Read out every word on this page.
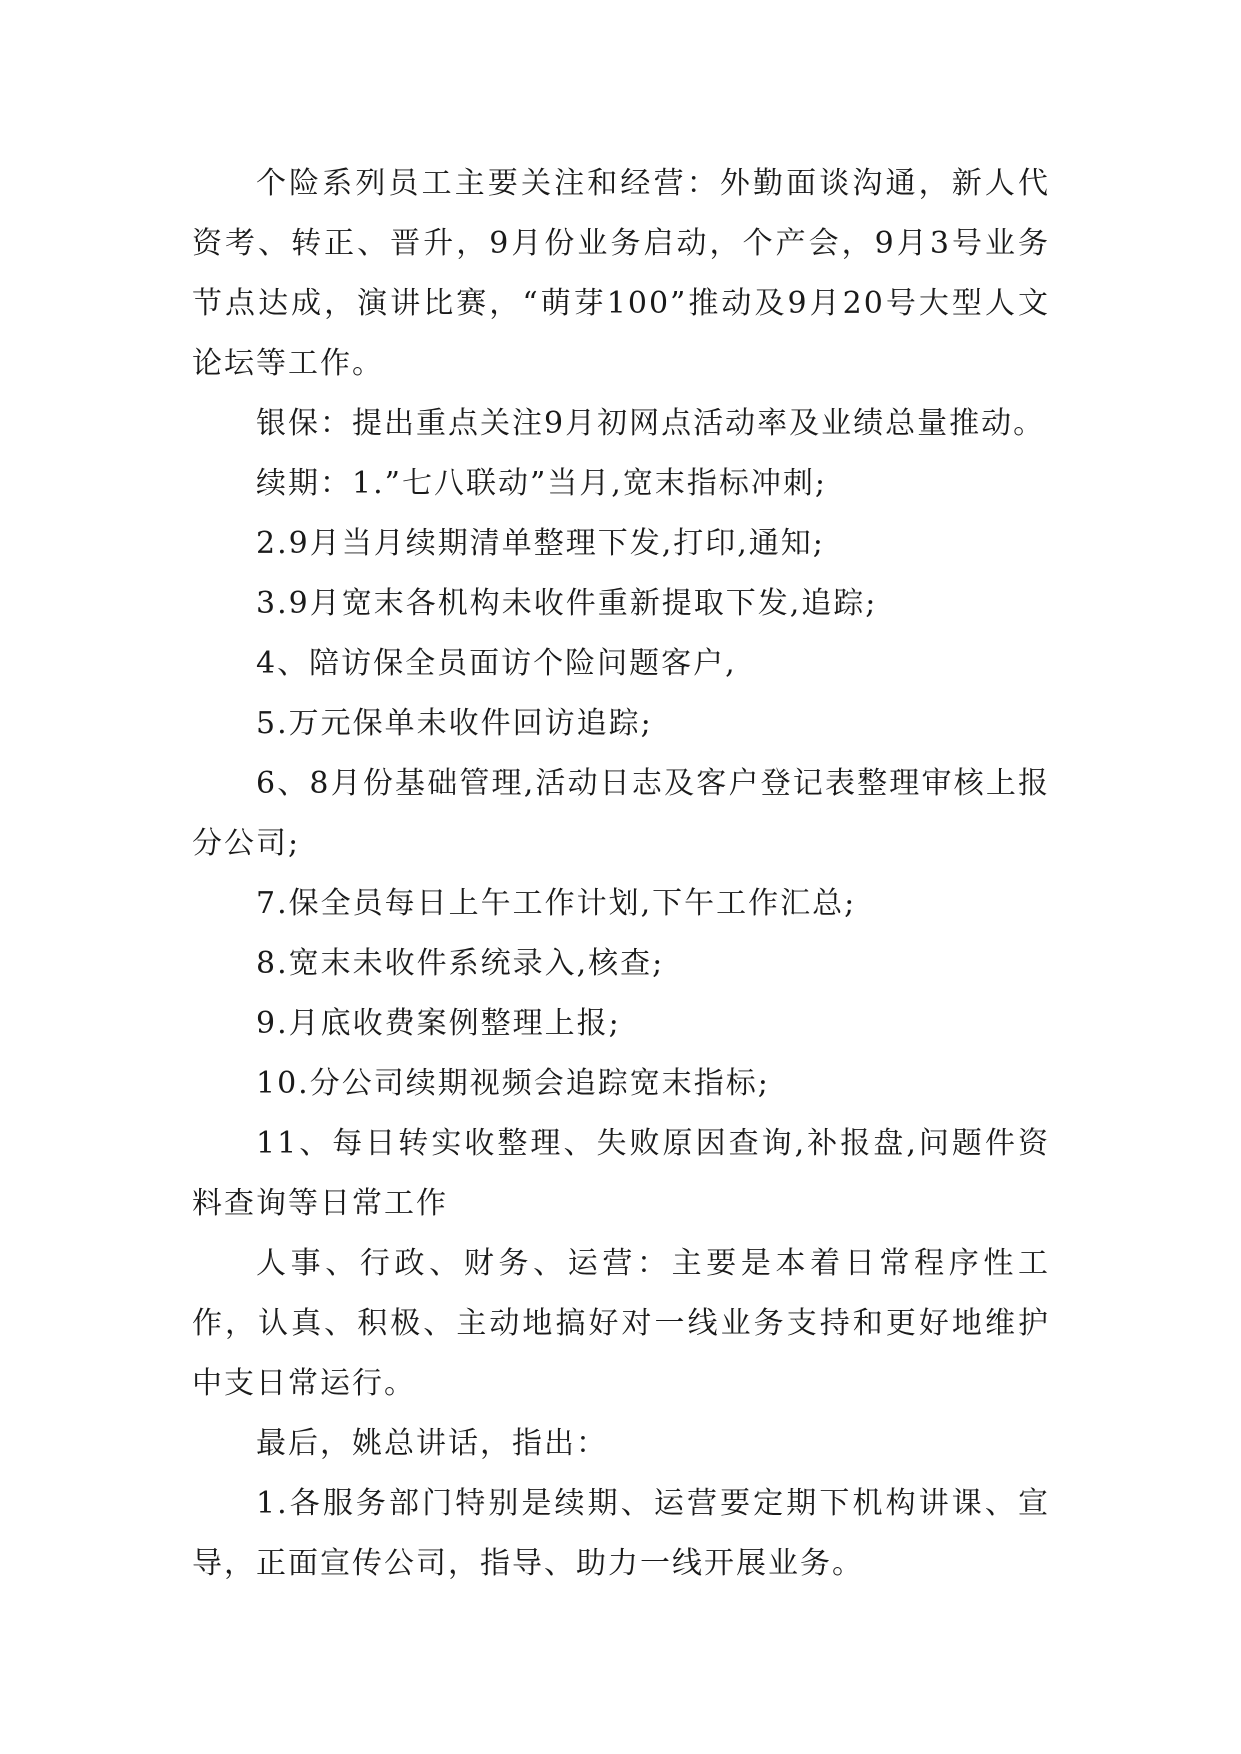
个险系列员工主要关注和经营：外勤面谈沟通，新人代资考、转正、晋升，9月份业务启动，个产会，9月3号业务节点达成，演讲比赛，“萌芽100”推动及9月20号大型人文论坛等工作。

银保：提出重点关注9月初网点活动率及业绩总量推动。

续期：1.”七八联动”当月,宽末指标冲刺;

2.9月当月续期清单整理下发,打印,通知;

3.9月宽末各机构未收件重新提取下发,追踪;

4、陪访保全员面访个险问题客户,

5.万元保单未收件回访追踪;

6、8月份基础管理,活动日志及客户登记表整理审核上报分公司;

7.保全员每日上午工作计划,下午工作汇总;

8.宽末未收件系统录入,核查;

9.月底收费案例整理上报;

10.分公司续期视频会追踪宽末指标;

11、每日转实收整理、失败原因查询,补报盘,问题件资料查询等日常工作

人事、行政、财务、运营：主要是本着日常程序性工作，认真、积极、主动地搞好对一线业务支持和更好地维护中支日常运行。

最后，姚总讲话，指出：

1.各服务部门特别是续期、运营要定期下机构讲课、宣导，正面宣传公司，指导、助力一线开展业务。
